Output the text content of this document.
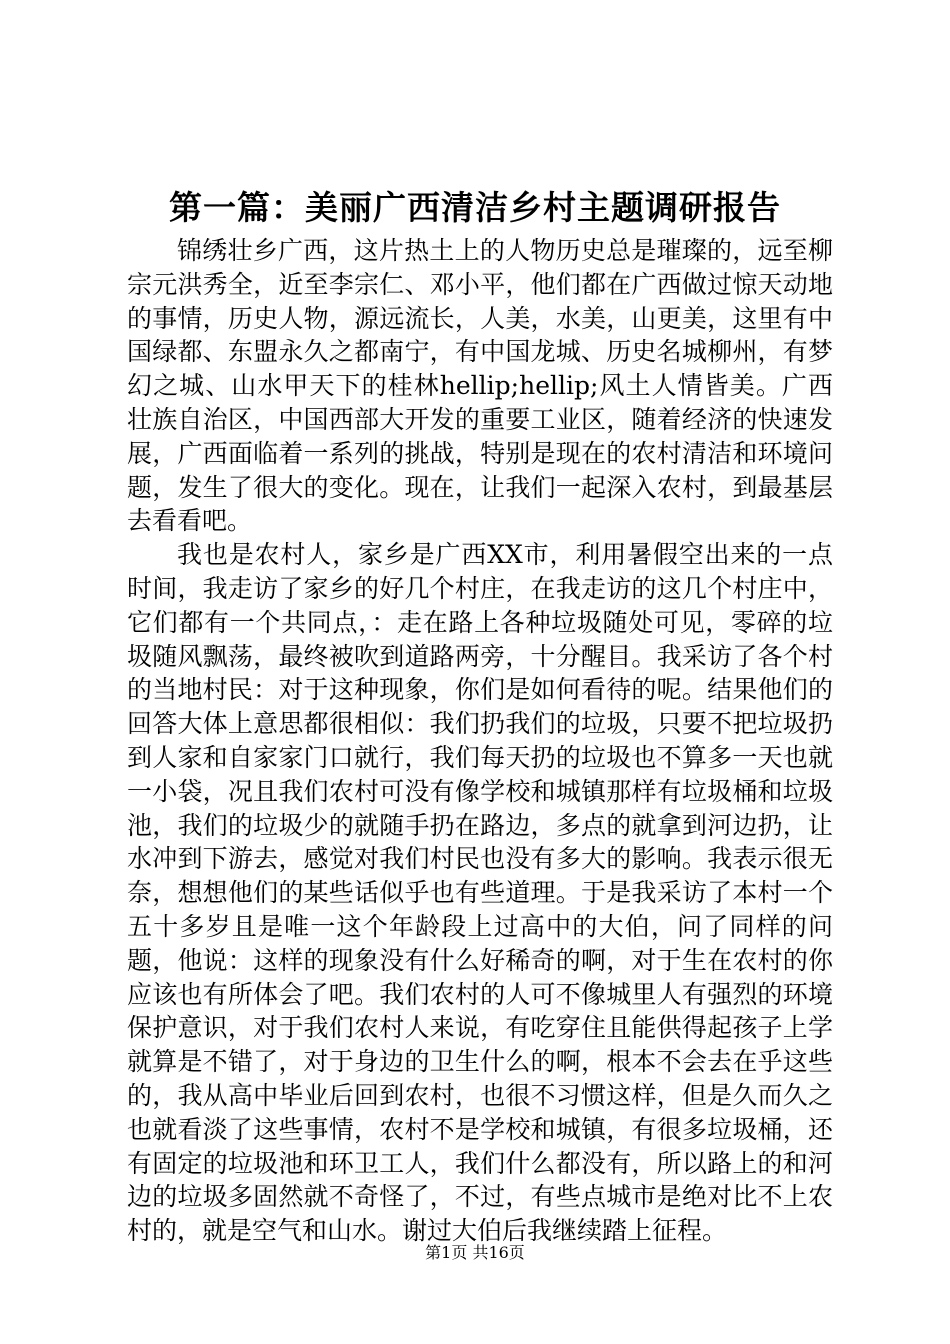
第一篇：美丽广西清洁乡村主题调研报告

锦绣壮乡广西，这片热土上的人物历史总是璀璨的，远至柳宗元洪秀全，近至李宗仁、邓小平，他们都在广西做过惊天动地的事情，历史人物，源远流长，人美，水美，山更美，这里有中国绿都、东盟永久之都南宁，有中国龙城、历史名城柳州，有梦幻之城、山水甲天下的桂林hellip;hellip;风土人情皆美。广西壮族自治区，中国西部大开发的重要工业区，随着经济的快速发展，广西面临着一系列的挑战，特别是现在的农村清洁和环境问题，发生了很大的变化。现在，让我们一起深入农村，到最基层去看看吧。

我也是农村人，家乡是广西XX市，利用暑假空出来的一点时间，我走访了家乡的好几个村庄，在我走访的这几个村庄中，它们都有一个共同点，：走在路上各种垃圾随处可见，零碎的垃圾随风飘荡，最终被吹到道路两旁，十分醒目。我采访了各个村的当地村民：对于这种现象，你们是如何看待的呢。结果他们的回答大体上意思都很相似：我们扔我们的垃圾，只要不把垃圾扔到人家和自家家门口就行，我们每天扔的垃圾也不算多一天也就一小袋，况且我们农村可没有像学校和城镇那样有垃圾桶和垃圾池，我们的垃圾少的就随手扔在路边，多点的就拿到河边扔，让水冲到下游去，感觉对我们村民也没有多大的影响。我表示很无奈，想想他们的某些话似乎也有些道理。于是我采访了本村一个五十多岁且是唯一这个年龄段上过高中的大伯，问了同样的问题，他说：这样的现象没有什么好稀奇的啊，对于生在农村的你应该也有所体会了吧。我们农村的人可不像城里人有强烈的环境保护意识，对于我们农村人来说，有吃穿住且能供得起孩子上学就算是不错了，对于身边的卫生什么的啊，根本不会去在乎这些的，我从高中毕业后回到农村，也很不习惯这样，但是久而久之也就看淡了这些事情，农村不是学校和城镇，有很多垃圾桶，还有固定的垃圾池和环卫工人，我们什么都没有，所以路上的和河边的垃圾多固然就不奇怪了，不过，有些点城市是绝对比不上农村的，就是空气和山水。谢过大伯后我继续踏上征程。

第1页 共16页
